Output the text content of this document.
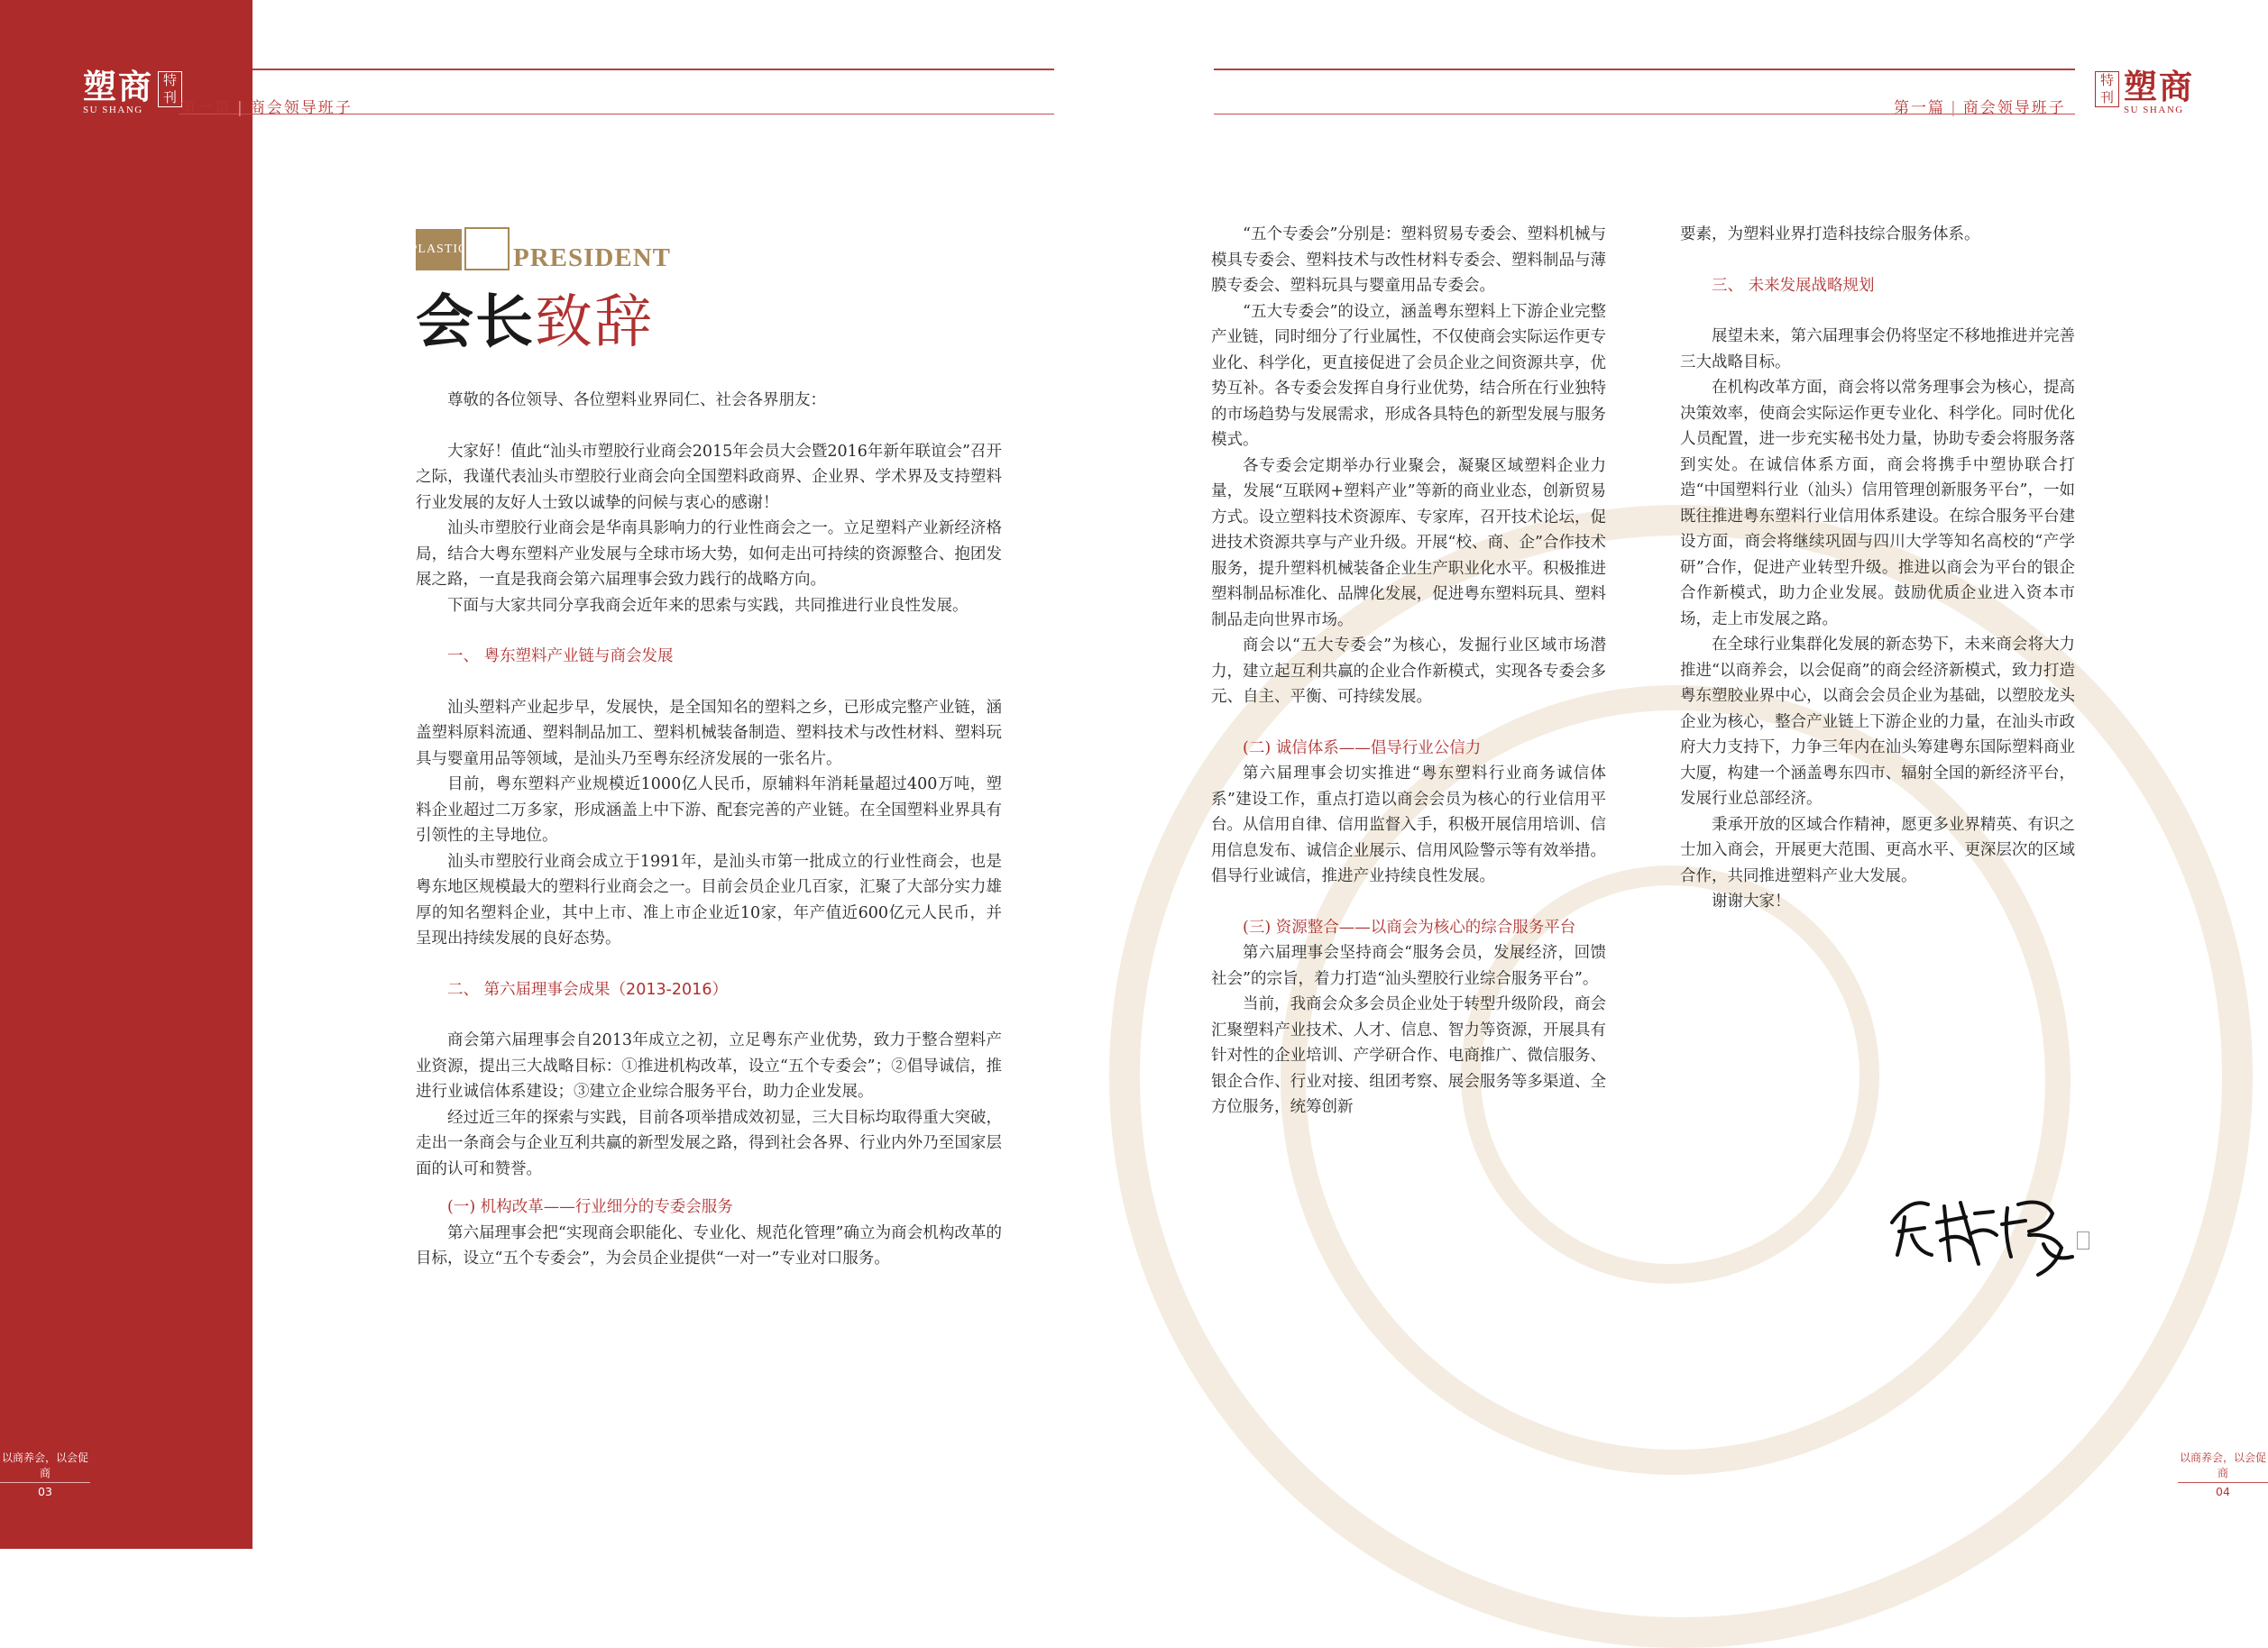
塑商
SU SHANG
特刊
第一篇 | 商会领导班子	第一篇 | 商会领导班子
特刊 塑商
SU SHANG
PLASTIC PRESIDENT
会长致辞

尊敬的各位领导、各位塑料业界同仁、社会各界朋友：

大家好！值此“汕头市塑胶行业商会2015年会员大会暨2016年新年联谊会”召开之际，我谨代表汕头市塑胶行业商会向全国塑料政商界、企业界、学术界及支持塑料行业发展的友好人士致以诚挚的问候与衷心的感谢！

汕头市塑胶行业商会是华南具影响力的行业性商会之一。立足塑料产业新经济格局，结合大粤东塑料产业发展与全球市场大势，如何走出可持续的资源整合、抱团发展之路，一直是我商会第六届理事会致力践行的战略方向。

下面与大家共同分享我商会近年来的思索与实践，共同推进行业良性发展。

一、 粤东塑料产业链与商会发展

汕头塑料产业起步早，发展快，是全国知名的塑料之乡，已形成完整产业链，涵盖塑料原料流通、塑料制品加工、塑料机械装备制造、塑料技术与改性材料、塑料玩具与婴童用品等领域，是汕头乃至粤东经济发展的一张名片。

目前，粤东塑料产业规模近1000亿人民币，原辅料年消耗量超过400万吨，塑料企业超过二万多家，形成涵盖上中下游、配套完善的产业链。在全国塑料业界具有引领性的主导地位。

汕头市塑胶行业商会成立于1991年，是汕头市第一批成立的行业性商会，也是粤东地区规模最大的塑料行业商会之一。目前会员企业几百家，汇聚了大部分实力雄厚的知名塑料企业，其中上市、准上市企业近10家，年产值近600亿元人民币，并呈现出持续发展的良好态势。

二、 第六届理事会成果（2013-2016）

商会第六届理事会自2013年成立之初，立足粤东产业优势，致力于整合塑料产业资源，提出三大战略目标：①推进机构改革，设立“五个专委会”；②倡导诚信，推进行业诚信体系建设；③建立企业综合服务平台，助力企业发展。

经过近三年的探索与实践，目前各项举措成效初显，三大目标均取得重大突破，走出一条商会与企业互利共赢的新型发展之路，得到社会各界、行业内外乃至国家层面的认可和赞誉。

(一) 机构改革——行业细分的专委会服务

第六届理事会把“实现商会职能化、专业化、规范化管理”确立为商会机构改革的目标，设立“五个专委会”，为会员企业提供“一对一”专业对口服务。

“五个专委会”分别是：塑料贸易专委会、塑料机械与模具专委会、塑料技术与改性材料专委会、塑料制品与薄膜专委会、塑料玩具与婴童用品专委会。

“五大专委会”的设立，涵盖粤东塑料上下游企业完整产业链，同时细分了行业属性，不仅使商会实际运作更专业化、科学化，更直接促进了会员企业之间资源共享，优势互补。各专委会发挥自身行业优势，结合所在行业独特的市场趋势与发展需求，形成各具特色的新型发展与服务模式。

各专委会定期举办行业聚会，凝聚区域塑料企业力量，发展“互联网+塑料产业”等新的商业业态，创新贸易方式。设立塑料技术资源库、专家库，召开技术论坛，促进技术资源共享与产业升级。开展“校、商、企”合作技术服务，提升塑料机械装备企业生产职业化水平。积极推进塑料制品标准化、品牌化发展，促进粤东塑料玩具、塑料制品走向世界市场。

商会以“五大专委会”为核心，发掘行业区域市场潜力，建立起互利共赢的企业合作新模式，实现各专委会多元、自主、平衡、可持续发展。

(二) 诚信体系——倡导行业公信力

第六届理事会切实推进“粤东塑料行业商务诚信体系”建设工作，重点打造以商会会员为核心的行业信用平台。从信用自律、信用监督入手，积极开展信用培训、信用信息发布、诚信企业展示、信用风险警示等有效举措。倡导行业诚信，推进产业持续良性发展。

(三) 资源整合——以商会为核心的综合服务平台

第六届理事会坚持商会“服务会员，发展经济，回馈社会”的宗旨，着力打造“汕头塑胶行业综合服务平台”。

当前，我商会众多会员企业处于转型升级阶段，商会汇聚塑料产业技术、人才、信息、智力等资源，开展具有针对性的企业培训、产学研合作、电商推广、微信服务、银企合作、行业对接、组团考察、展会服务等多渠道、全方位服务，统筹创新

要素，为塑料业界打造科技综合服务体系。

三、 未来发展战略规划

展望未来，第六届理事会仍将坚定不移地推进并完善三大战略目标。

在机构改革方面，商会将以常务理事会为核心，提高决策效率，使商会实际运作更专业化、科学化。同时优化人员配置，进一步充实秘书处力量，协助专委会将服务落到实处。在诚信体系方面，商会将携手中塑协联合打造“中国塑料行业（汕头）信用管理创新服务平台”，一如既往推进粤东塑料行业信用体系建设。在综合服务平台建设方面，商会将继续巩固与四川大学等知名高校的“产学研”合作，促进产业转型升级。推进以商会为平台的银企合作新模式，助力企业发展。鼓励优质企业进入资本市场，走上市发展之路。

在全球行业集群化发展的新态势下，未来商会将大力推进“以商养会，以会促商”的商会经济新模式，致力打造粤东塑胶业界中心，以商会会员企业为基础，以塑胶龙头企业为核心，整合产业链上下游企业的力量，在汕头市政府大力支持下，力争三年内在汕头筹建粤东国际塑料商业大厦，构建一个涵盖粤东四市、辐射全国的新经济平台，发展行业总部经济。

秉承开放的区域合作精神，愿更多业界精英、有识之士加入商会，开展更大范围、更高水平、更深层次的区域合作，共同推进塑料产业大发展。

谢谢大家！

以商养会，以会促商
03
以商养会，以会促商
04
